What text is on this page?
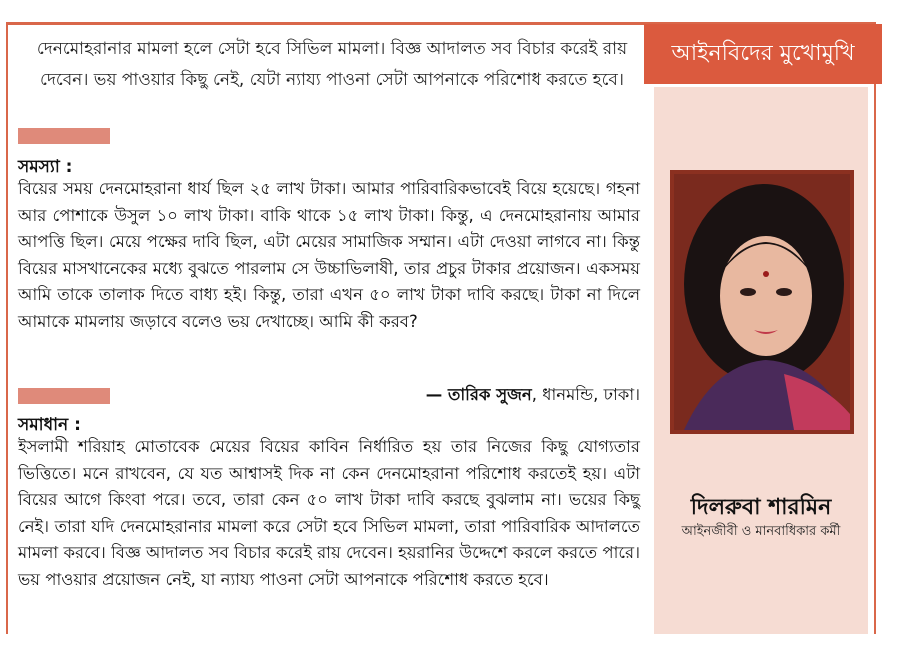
দেনমোহরানার মামলা হলে সেটা হবে সিভিল মামলা। বিজ্ঞ আদালত সব বিচার করেই রায় দেবেন। ভয় পাওয়ার কিছু নেই, যেটা ন্যায্য পাওনা সেটা আপনাকে পরিশোধ করতে হবে।
সমস্যা :
বিয়ের সময় দেনমোহরানা ধার্য ছিল ২৫ লাখ টাকা। আমার পারিবারিকভাবেই বিয়ে হয়েছে। গহনা আর পোশাকে উসুল ১০ লাখ টাকা। বাকি থাকে ১৫ লাখ টাকা। কিন্তু, এ দেনমোহরানায় আমার আপত্তি ছিল। মেয়ে পক্ষের দাবি ছিল, এটা মেয়ের সামাজিক সম্মান। এটা দেওয়া লাগবে না। কিন্তু বিয়ের মাসখানেকের মধ্যে বুঝতে পারলাম সে উচ্চাভিলাষী, তার প্রচুর টাকার প্রয়োজন। একসময় আমি তাকে তালাক দিতে বাধ্য হই। কিন্তু, তারা এখন ৫০ লাখ টাকা দাবি করছে। টাকা না দিলে আমাকে মামলায় জড়াবে বলেও ভয় দেখাচ্ছে। আমি কী করব?
— তারিক সুজন, ধানমন্ডি, ঢাকা।
সমাধান :
ইসলামী শরিয়াহ মোতাবেক মেয়ের বিয়ের কাবিন নির্ধারিত হয় তার নিজের কিছু যোগ্যতার ভিত্তিতে। মনে রাখবেন, যে যত আশ্বাসই দিক না কেন দেনমোহরানা পরিশোধ করতেই হয়। এটা বিয়ের আগে কিংবা পরে। তবে, তারা কেন ৫০ লাখ টাকা দাবি করছে বুঝলাম না। ভয়ের কিছু নেই। তারা যদি দেনমোহরানার মামলা করে সেটা হবে সিভিল মামলা, তারা পারিবারিক আদালতে মামলা করবে। বিজ্ঞ আদালত সব বিচার করেই রায় দেবেন। হয়রানির উদ্দেশে করলে করতে পারে। ভয় পাওয়ার প্রয়োজন নেই, যা ন্যায্য পাওনা সেটা আপনাকে পরিশোধ করতে হবে।
আইনবিদের মুখোমুখি
দিলরুবা শারমিন
আইনজীবী ও মানবাধিকার কর্মী
